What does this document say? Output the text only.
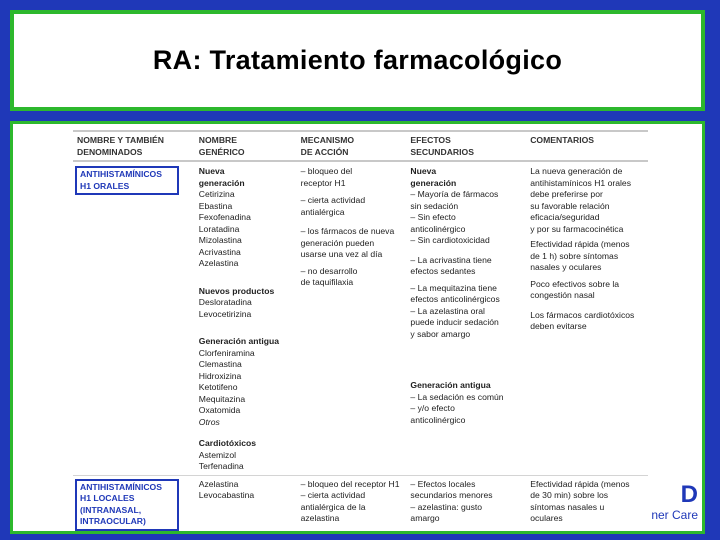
RA: Tratamiento farmacológico
NOMBRE Y TAMBIÉN
DENOMINADOS
NOMBRE
GENÉRICO
MECANISMO
DE ACCIÓN
EFECTOS
SECUNDARIOS
COMENTARIOS
ANTIHISTAMÍNICOS
H1 ORALES
Nueva generación
Cetirizina
Ebastina
Fexofenadina
Loratadina
Mizolastina
Acrivastina
Azelastina
Nuevos productos
Desloratadina
Levocetirizina
Generación antigua
Clorfeniramina
Clemastina
Hidroxizina
Ketotifeno
Mequitazina
Oxatomida
Otros
Cardiotóxicos
Astemizol
Terfenadina
– bloqueo del
receptor H1
– cierta actividad
antialérgica
– los fármacos de nueva
generación pueden
usarse una vez al día
– no desarrollo
de taquifilaxia
Nueva generación
– Mayoría de fármacos
sin sedación
– Sin efecto
anticolinérgico
– Sin cardiotoxicidad
– La acrivastina tiene
efectos sedantes
– La mequitazina tiene
efectos anticolinérgicos
– La azelastina oral
puede inducir sedación
y sabor amargo
Generación antigua
– La sedación es común
– y/o efecto
anticolinérgico
La nueva generación de
antihistamínicos H1 orales
debe preferirse por
su favorable relación
eficacia/seguridad
y por su farmacocinética
Efectividad rápida (menos
de 1 h) sobre síntomas
nasales y oculares
Poco efectivos sobre la
congestión nasal
Los fármacos cardiotóxicos
deben evitarse
ANTIHISTAMÍNICOS
H1 LOCALES
(INTRANASAL,
INTRAOCULAR)
Azelastina
Levocabastina
– bloqueo del receptor H1
– cierta actividad
antialérgica de la
azelastina
– Efectos locales
secundarios menores
– azelastina: gusto
amargo
Efectividad rápida (menos
de 30 min) sobre los
síntomas nasales u
oculares
D
ner Care
